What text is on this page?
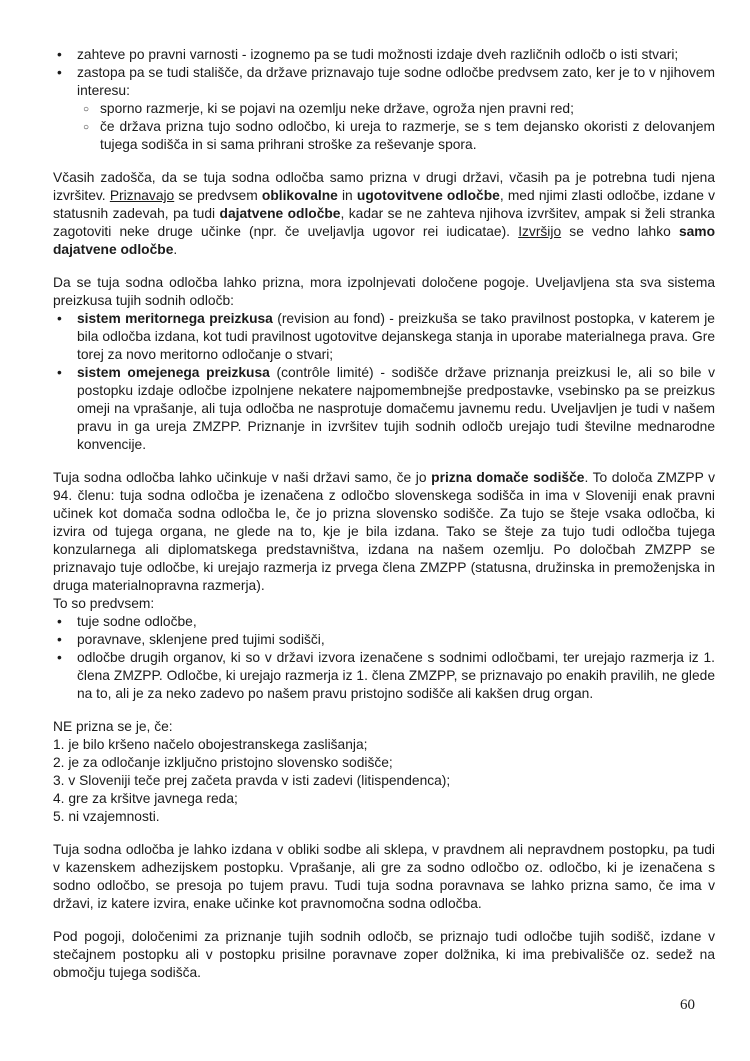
• zahteve po pravni varnosti - izognemo pa se tudi možnosti izdaje dveh različnih odločb o isti stvari;
• zastopa pa se tudi stališče, da države priznavajo tuje sodne odločbe predvsem zato, ker je to v njihovem interesu:
○ sporno razmerje, ki se pojavi na ozemlju neke države, ogroža njen pravni red;
○ če država prizna tujo sodno odločbo, ki ureja to razmerje, se s tem dejansko okoristi z delovanjem tujega sodišča in si sama prihrani stroške za reševanje spora.

Včasih zadošča, da se tuja sodna odločba samo prizna v drugi državi, včasih pa je potrebna tudi njena izvršitev. Priznavajo se predvsem oblikovalne in ugotovitvene odločbe, med njimi zlasti odločbe, izdane v statusnih zadevah, pa tudi dajatvene odločbe, kadar se ne zahteva njihova izvršitev, ampak si želi stranka zagotoviti neke druge učinke (npr. če uveljavlja ugovor rei iudicatae). Izvršijo se vedno lahko samo dajatvene odločbe.

Da se tuja sodna odločba lahko prizna, mora izpolnjevati določene pogoje. Uveljavljena sta sva sistema preizkusa tujih sodnih odločb:

• sistem meritornega preizkusa (revision au fond) - preizkuša se tako pravilnost postopka, v katerem je bila odločba izdana, kot tudi pravilnost ugotovitve dejanskega stanja in uporabe materialnega prava. Gre torej za novo meritorno odločanje o stvari;
• sistem omejenega preizkusa (contrôle limité) - sodišče države priznanja preizkusi le, ali so bile v postopku izdaje odločbe izpolnjene nekatere najpomembnejše predpostavke, vsebinsko pa se preizkus omeji na vprašanje, ali tuja odločba ne nasprotuje domačemu javnemu redu. Uveljavljen je tudi v našem pravu in ga ureja ZMZPP. Priznanje in izvršitev tujih sodnih odločb urejajo tudi številne mednarodne konvencije.

Tuja sodna odločba lahko učinkuje v naši državi samo, če jo prizna domače sodišče. To določa ZMZPP v 94. členu: tuja sodna odločba je izenačena z odločbo slovenskega sodišča in ima v Sloveniji enak pravni učinek kot domača sodna odločba le, če jo prizna slovensko sodišče. Za tujo se šteje vsaka odločba, ki izvira od tujega organa, ne glede na to, kje je bila izdana. Tako se šteje za tujo tudi odločba tujega konzularnega ali diplomatskega predstavništva, izdana na našem ozemlju. Po določbah ZMZPP se priznavajo tuje odločbe, ki urejajo razmerja iz prvega člena ZMZPP (statusna, družinska in premoženjska in druga materialnopravna razmerja).

To so predvsem:

• tuje sodne odločbe,
• poravnave, sklenjene pred tujimi sodišči,
• odločbe drugih organov, ki so v državi izvora izenačene s sodnimi odločbami, ter urejajo razmerja iz 1. člena ZMZPP. Odločbe, ki urejajo razmerja iz 1. člena ZMZPP, se priznavajo po enakih pravilih, ne glede na to, ali je za neko zadevo po našem pravu pristojno sodišče ali kakšen drug organ.

NE prizna se je, če:

1. je bilo kršeno načelo obojestranskega zaslišanja;

2. je za odločanje izključno pristojno slovensko sodišče;

3. v Sloveniji teče prej začeta pravda v isti zadevi (litispendenca);

4. gre za kršitve javnega reda;

5. ni vzajemnosti.

Tuja sodna odločba je lahko izdana v obliki sodbe ali sklepa, v pravdnem ali nepravdnem postopku, pa tudi v kazenskem adhezijskem postopku. Vprašanje, ali gre za sodno odločbo oz. odločbo, ki je izenačena s sodno odločbo, se presoja po tujem pravu. Tudi tuja sodna poravnava se lahko prizna samo, če ima v državi, iz katere izvira, enake učinke kot pravnomočna sodna odločba.

Pod pogoji, določenimi za priznanje tujih sodnih odločb, se priznajo tudi odločbe tujih sodišč, izdane v stečajnem postopku ali v postopku prisilne poravnave zoper dolžnika, ki ima prebivališče oz. sedež na območju tujega sodišča.

60
